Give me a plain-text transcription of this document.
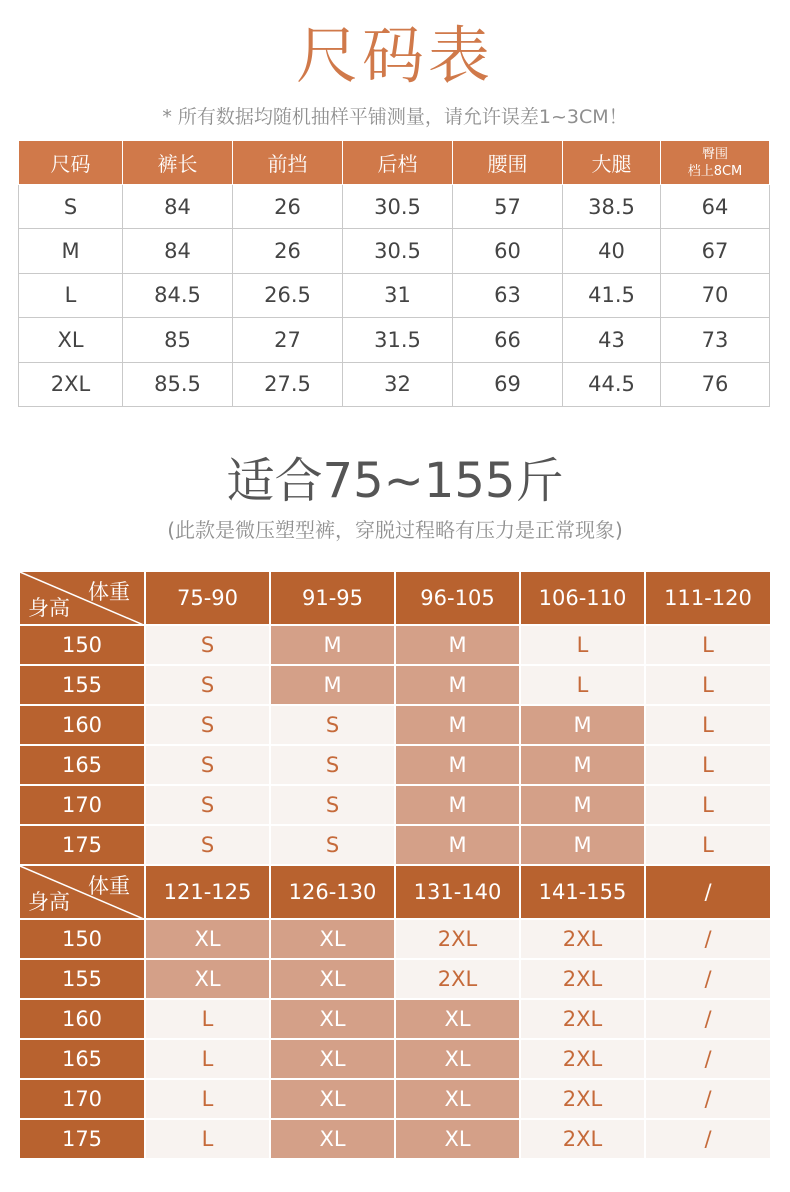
尺码表
* 所有数据均随机抽样平铺测量，请允许误差1~3CM！
尺码	裤长	前挡	后档	腰围	大腿	臀围
档上8CM

S	84	26	30.5	57	38.5	64
M	84	26	30.5	60	40	67
L	84.5	26.5	31	63	41.5	70
XL	85	27	31.5	66	43	73
2XL	85.5	27.5	32	69	44.5	76
适合75~155斤
(此款是微压塑型裤，穿脱过程略有压力是正常现象)
体重
身高	75-90	91-95	96-105	106-110	111-120
150	S	M	M	L	L
155	S	M	M	L	L
160	S	S	M	M	L
165	S	S	M	M	L
170	S	S	M	M	L
175	S	S	M	M	L

体重
身高	121-125	126-130	131-140	141-155	/
150	XL	XL	2XL	2XL	/
155	XL	XL	2XL	2XL	/
160	L	XL	XL	2XL	/
165	L	XL	XL	2XL	/
170	L	XL	XL	2XL	/
175	L	XL	XL	2XL	/
